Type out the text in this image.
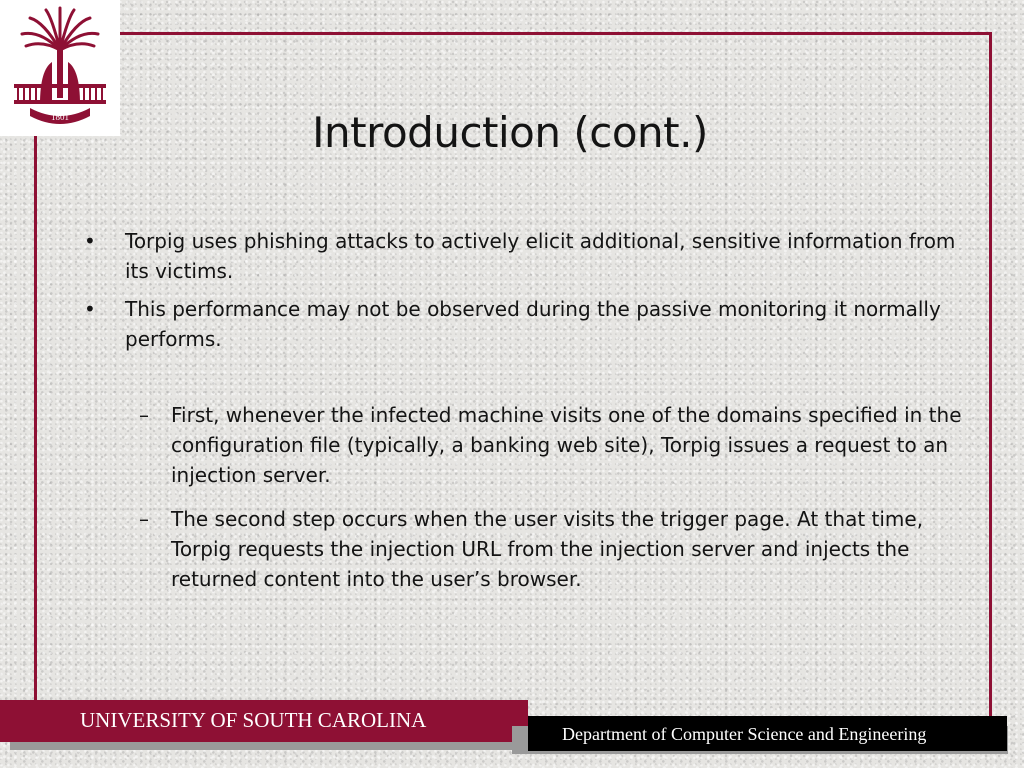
1801	Introduction (cont.)
•	Torpig uses phishing attacks to actively elicit additional, sensitive information from its victims.
•	This performance may not be observed during the passive monitoring it normally performs.
– First, whenever the infected machine visits one of the domains specified in the configuration file (typically, a banking web site), Torpig issues a request to an injection server.
– The second step occurs when the user visits the trigger page. At that time, Torpig requests the injection URL from the injection server and injects the returned content into the user’s browser.
UNIVERSITY OF SOUTH CAROLINA
Department of Computer Science and Engineering
